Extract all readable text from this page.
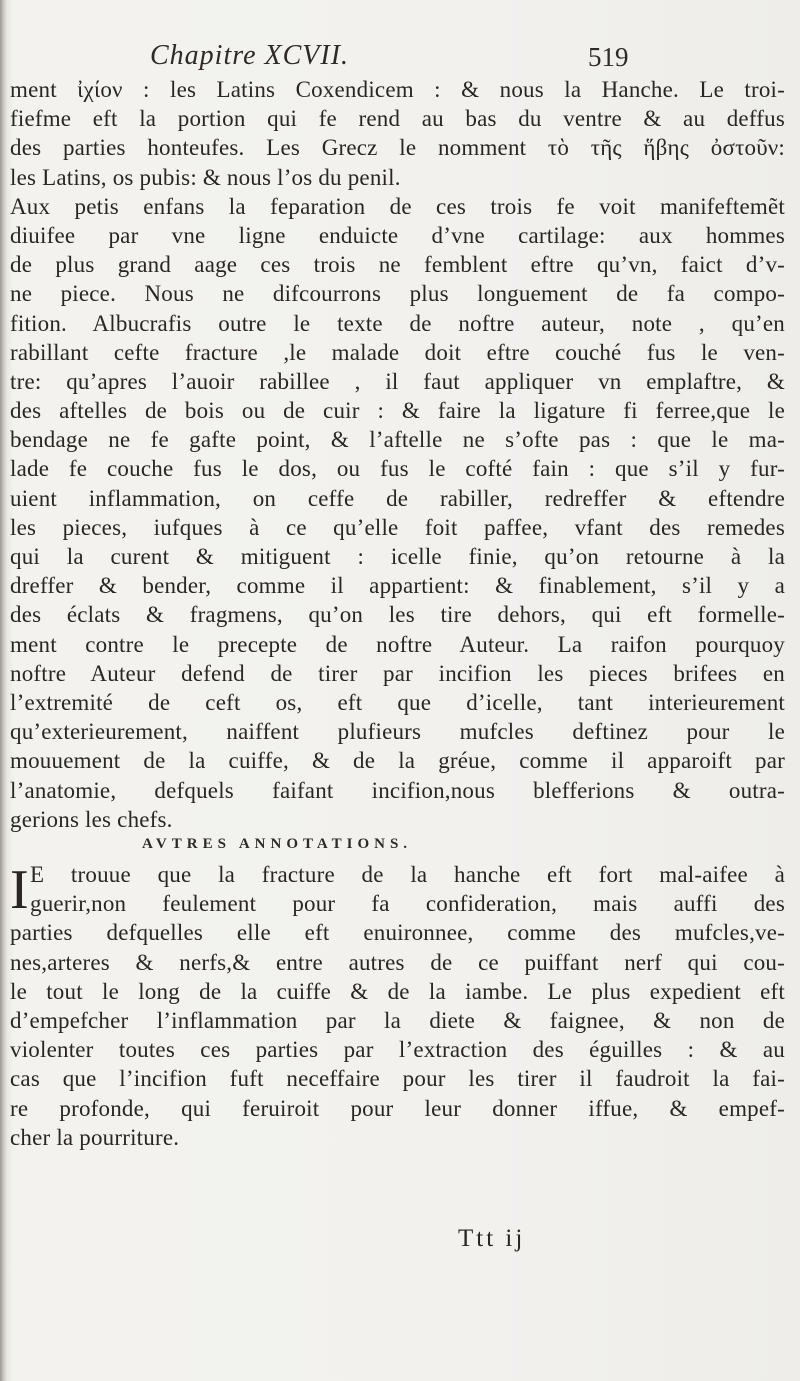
Chapitre XCVII.	519
ment ἰχίον : les Latins Coxendicem : & nous la Hanche. Le troi-
fiefme eft la portion qui fe rend au bas du ventre & au deffus
des parties honteufes. Les Grecz le nomment τὸ τῆς ἥβης ὀστοῦν:
les Latins, os pubis: & nous l’os du penil.
Aux petis enfans la feparation de ces trois fe voit manifeftemẽt
diuifee par vne ligne enduicte d’vne cartilage: aux hommes
de plus grand aage ces trois ne femblent eftre qu’vn, faict d’v-
ne piece. Nous ne difcourrons plus longuement de fa compo-
fition. Albucrafis outre le texte de noftre auteur, note , qu’en
rabillant cefte fracture ,le malade doit eftre couché fus le ven-
tre: qu’apres l’auoir rabillee , il faut appliquer vn emplaftre, &
des aftelles de bois ou de cuir : & faire la ligature fi ferree,que le
bendage ne fe gafte point, & l’aftelle ne s’ofte pas : que le ma-
lade fe couche fus le dos, ou fus le cofté fain : que s’il y fur-
uient inflammation, on ceffe de rabiller, redreffer & eftendre
les pieces, iufques à ce qu’elle foit paffee, vfant des remedes
qui la curent & mitiguent : icelle finie, qu’on retourne à la
dreffer & bender, comme il appartient: & finablement, s’il y a
des éclats & fragmens, qu’on les tire dehors, qui eft formelle-
ment contre le precepte de noftre Auteur. La raifon pourquoy
noftre Auteur defend de tirer par incifion les pieces brifees en
l’extremité de ceft os, eft que d’icelle, tant interieurement
qu’exterieurement, naiffent plufieurs mufcles deftinez pour le
mouuement de la cuiffe, & de la gréue, comme il apparoift par
l’anatomie, defquels faifant incifion,nous blefferions & outra-
gerions les chefs.
AVTRES ANNOTATIONS.
I E trouue que la fracture de la hanche eft fort mal-aifee à
guerir,non feulement pour fa confideration, mais auffi des
parties defquelles elle eft enuironnee, comme des mufcles,ve-
nes,arteres & nerfs,& entre autres de ce puiffant nerf qui cou-
le tout le long de la cuiffe & de la iambe. Le plus expedient eft
d’empefcher l’inflammation par la diete & faignee, & non de
violenter toutes ces parties par l’extraction des éguilles : & au
cas que l’incifion fuft neceffaire pour les tirer il faudroit la fai-
re profonde, qui feruiroit pour leur donner iffue, & empef-
cher la pourriture.
Ttt ij
